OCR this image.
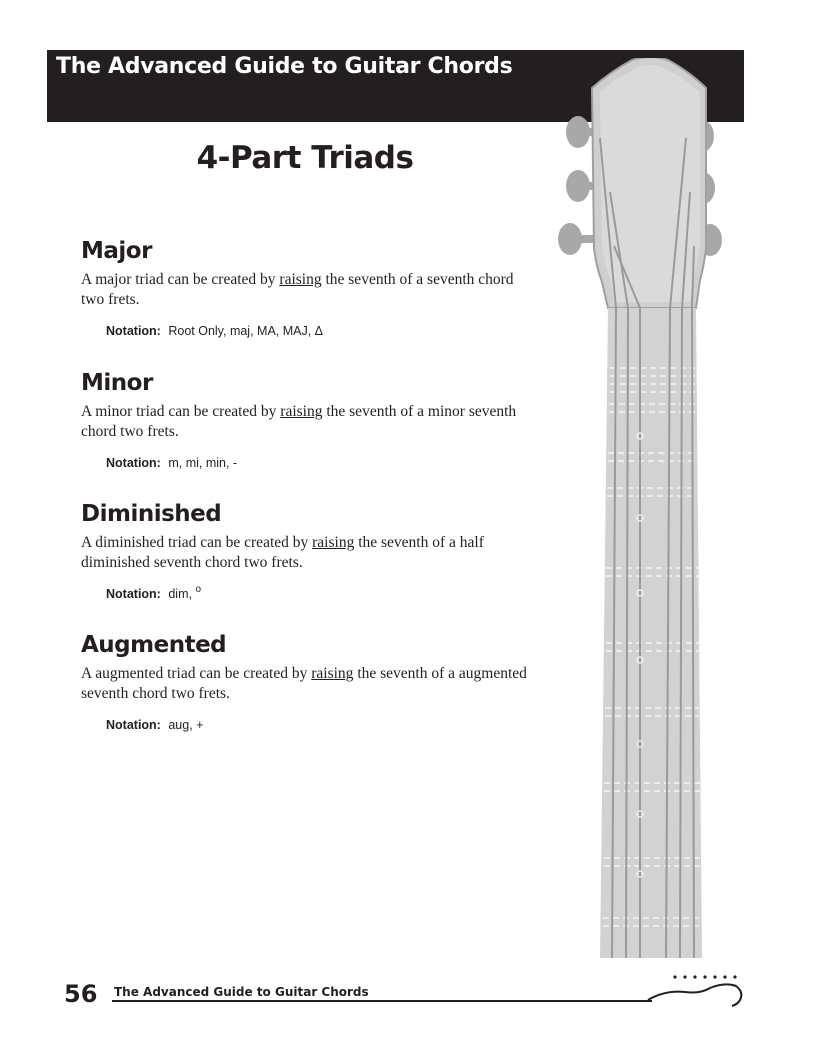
The Advanced Guide to Guitar Chords
4-Part Triads
Major

A major triad can be created by raising the seventh of a seventh chord two frets.

Notation: Root Only, maj, MA, MAJ, Δ
Minor

A minor triad can be created by raising the seventh of a minor seventh chord two frets.

Notation: m, mi, min, -
Diminished

A diminished triad can be created by raising the seventh of a half diminished seventh chord two frets.

Notation: dim, $^o$
Augmented

A augmented triad can be created by raising the seventh of a augmented seventh chord two frets.

Notation: aug, +
56 The Advanced Guide to Guitar Chords
